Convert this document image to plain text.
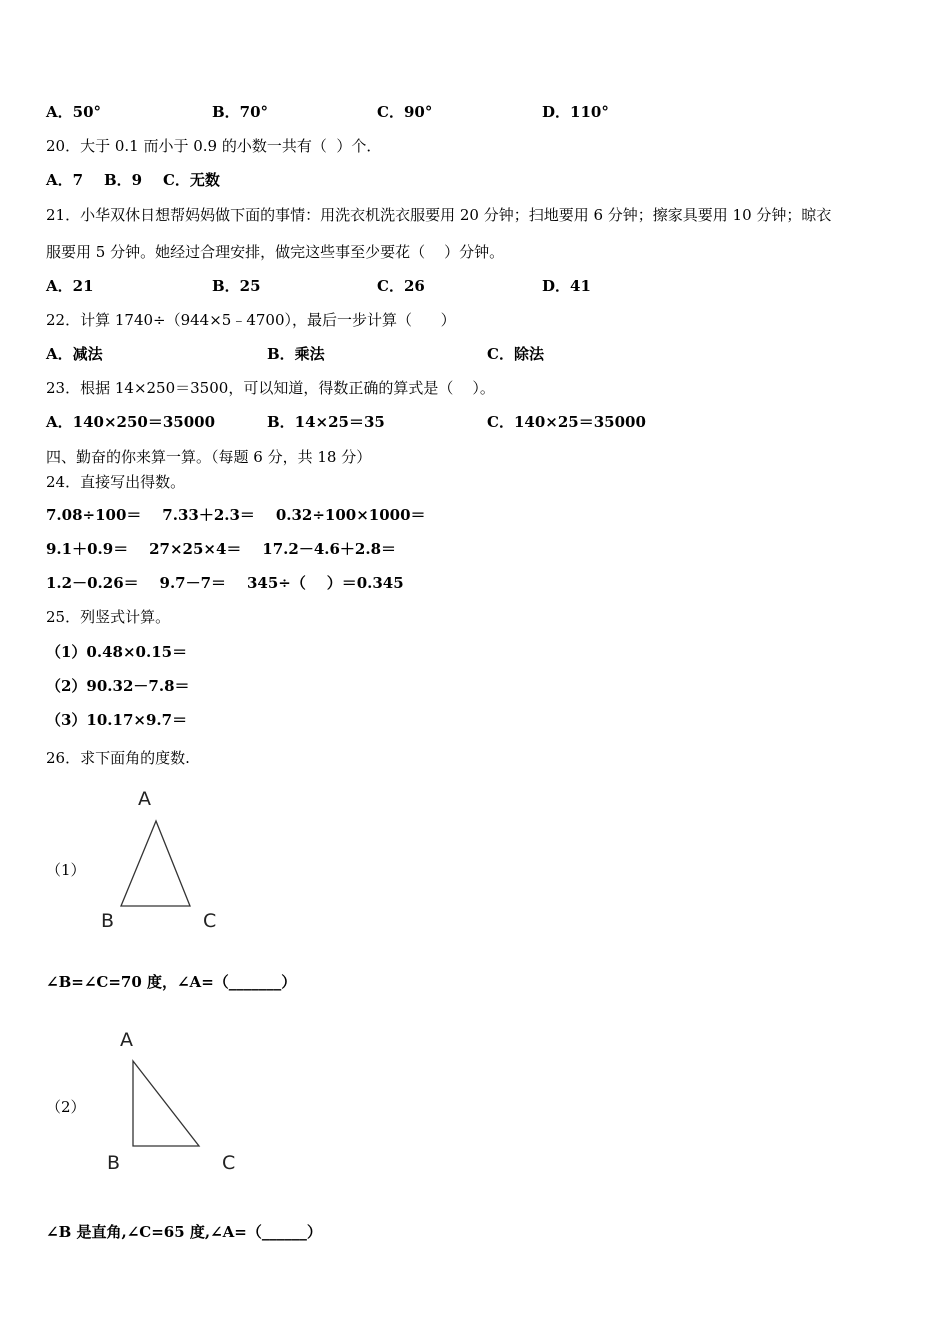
A．50°	B．70°	C．90°	D．110°
20．大于 0.1 而小于 0.9 的小数一共有（  ）个．
A．7    B．9    C．无数
21．小华双休日想帮妈妈做下面的事情：用洗衣机洗衣服要用 20 分钟；扫地要用 6 分钟；擦家具要用 10 分钟；晾衣
服要用 5 分钟。她经过合理安排，做完这些事至少要花（    ）分钟。
A．21	B．25	C．26	D．41
22．计算 1740÷（944×5﹣4700），最后一步计算（      ）
A．减法	B．乘法	C．除法
23．根据 14×250＝3500，可以知道，得数正确的算式是（    ）。
A．140×250＝35000	B．14×25＝35	C．140×25＝35000
四、勤奋的你来算一算。（每题 6 分，共 18 分）
24．直接写出得数。
7.08÷100＝    7.33＋2.3＝    0.32÷100×1000＝
9.1＋0.9＝    27×25×4＝    17.2－4.6＋2.8＝
1.2－0.26＝    9.7－7＝    345÷（    ）＝0.345
25．列竖式计算。
（1）0.48×0.15＝
（2）90.32－7.8＝
（3）10.17×9.7＝
26．求下面角的度数.
（1）
A
B	C
∠B=∠C=70 度，∠A=（_______）
（2）
A
B	C
∠B 是直角,∠C=65 度,∠A=（______）
